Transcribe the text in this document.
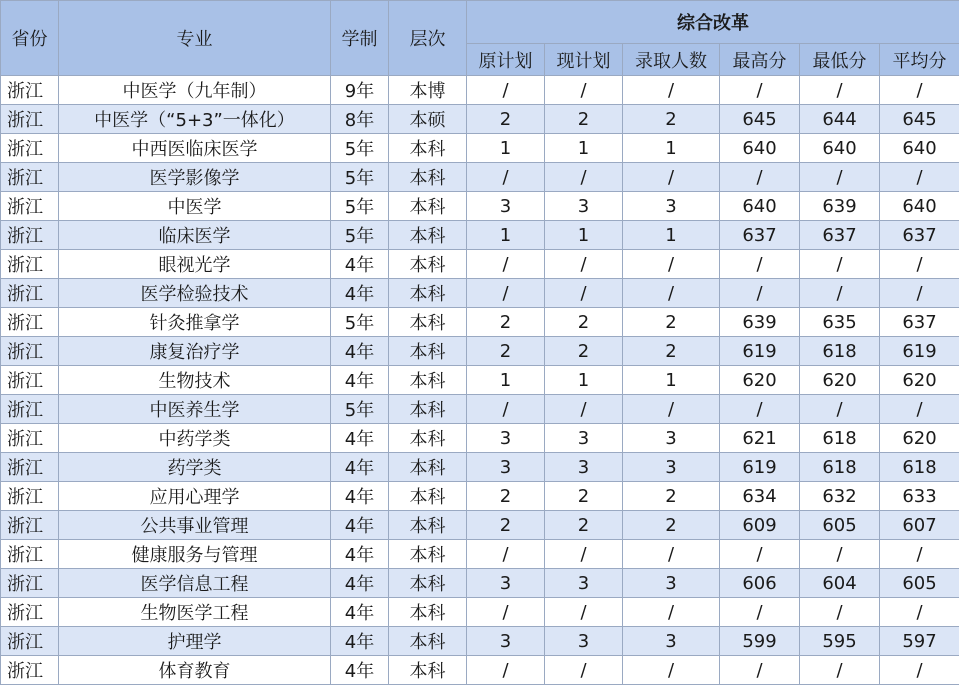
省份	专业	学制	层次	综合改革					
				原计划	现计划	录取人数	最高分	最低分	平均分
浙江	中医学（九年制）	9年	本博	/	/	/	/	/	/
浙江	中医学（“5+3”一体化）	8年	本硕	2	2	2	645	644	645
浙江	中西医临床医学	5年	本科	1	1	1	640	640	640
浙江	医学影像学	5年	本科	/	/	/	/	/	/
浙江	中医学	5年	本科	3	3	3	640	639	640
浙江	临床医学	5年	本科	1	1	1	637	637	637
浙江	眼视光学	4年	本科	/	/	/	/	/	/
浙江	医学检验技术	4年	本科	/	/	/	/	/	/
浙江	针灸推拿学	5年	本科	2	2	2	639	635	637
浙江	康复治疗学	4年	本科	2	2	2	619	618	619
浙江	生物技术	4年	本科	1	1	1	620	620	620
浙江	中医养生学	5年	本科	/	/	/	/	/	/
浙江	中药学类	4年	本科	3	3	3	621	618	620
浙江	药学类	4年	本科	3	3	3	619	618	618
浙江	应用心理学	4年	本科	2	2	2	634	632	633
浙江	公共事业管理	4年	本科	2	2	2	609	605	607
浙江	健康服务与管理	4年	本科	/	/	/	/	/	/
浙江	医学信息工程	4年	本科	3	3	3	606	604	605
浙江	生物医学工程	4年	本科	/	/	/	/	/	/
浙江	护理学	4年	本科	3	3	3	599	595	597
浙江	体育教育	4年	本科	/	/	/	/	/	/
